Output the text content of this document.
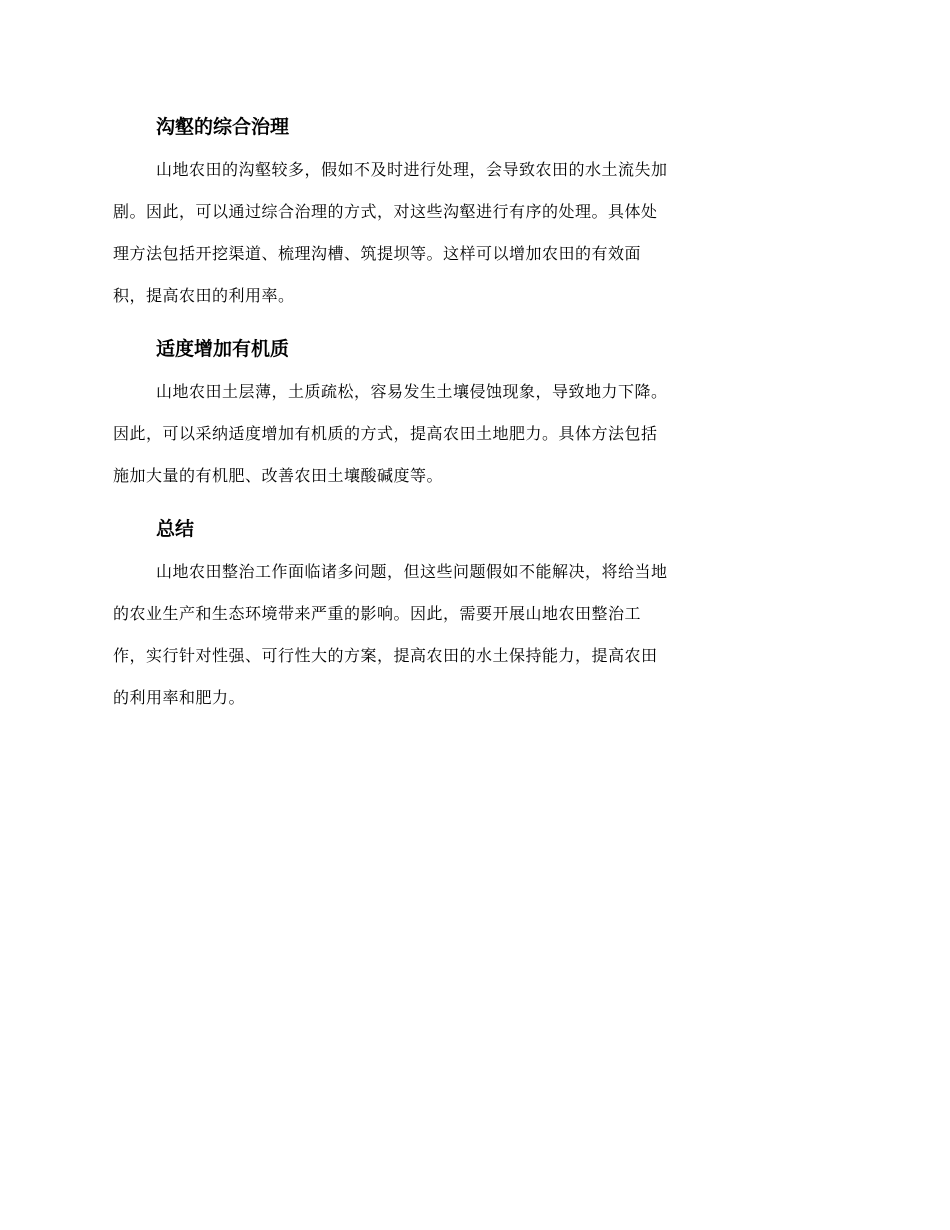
沟壑的综合治理
山地农田的沟壑较多，假如不及时进行处理，会导致农田的水土流失加
剧。因此，可以通过综合治理的方式，对这些沟壑进行有序的处理。具体处
理方法包括开挖渠道、梳理沟槽、筑提坝等。这样可以增加农田的有效面
积，提高农田的利用率。
适度增加有机质
山地农田土层薄，土质疏松，容易发生土壤侵蚀现象，导致地力下降。
因此，可以采纳适度增加有机质的方式，提高农田土地肥力。具体方法包括
施加大量的有机肥、改善农田土壤酸碱度等。
总结
山地农田整治工作面临诸多问题，但这些问题假如不能解决，将给当地
的农业生产和生态环境带来严重的影响。因此，需要开展山地农田整治工
作，实行针对性强、可行性大的方案，提高农田的水土保持能力，提高农田
的利用率和肥力。
